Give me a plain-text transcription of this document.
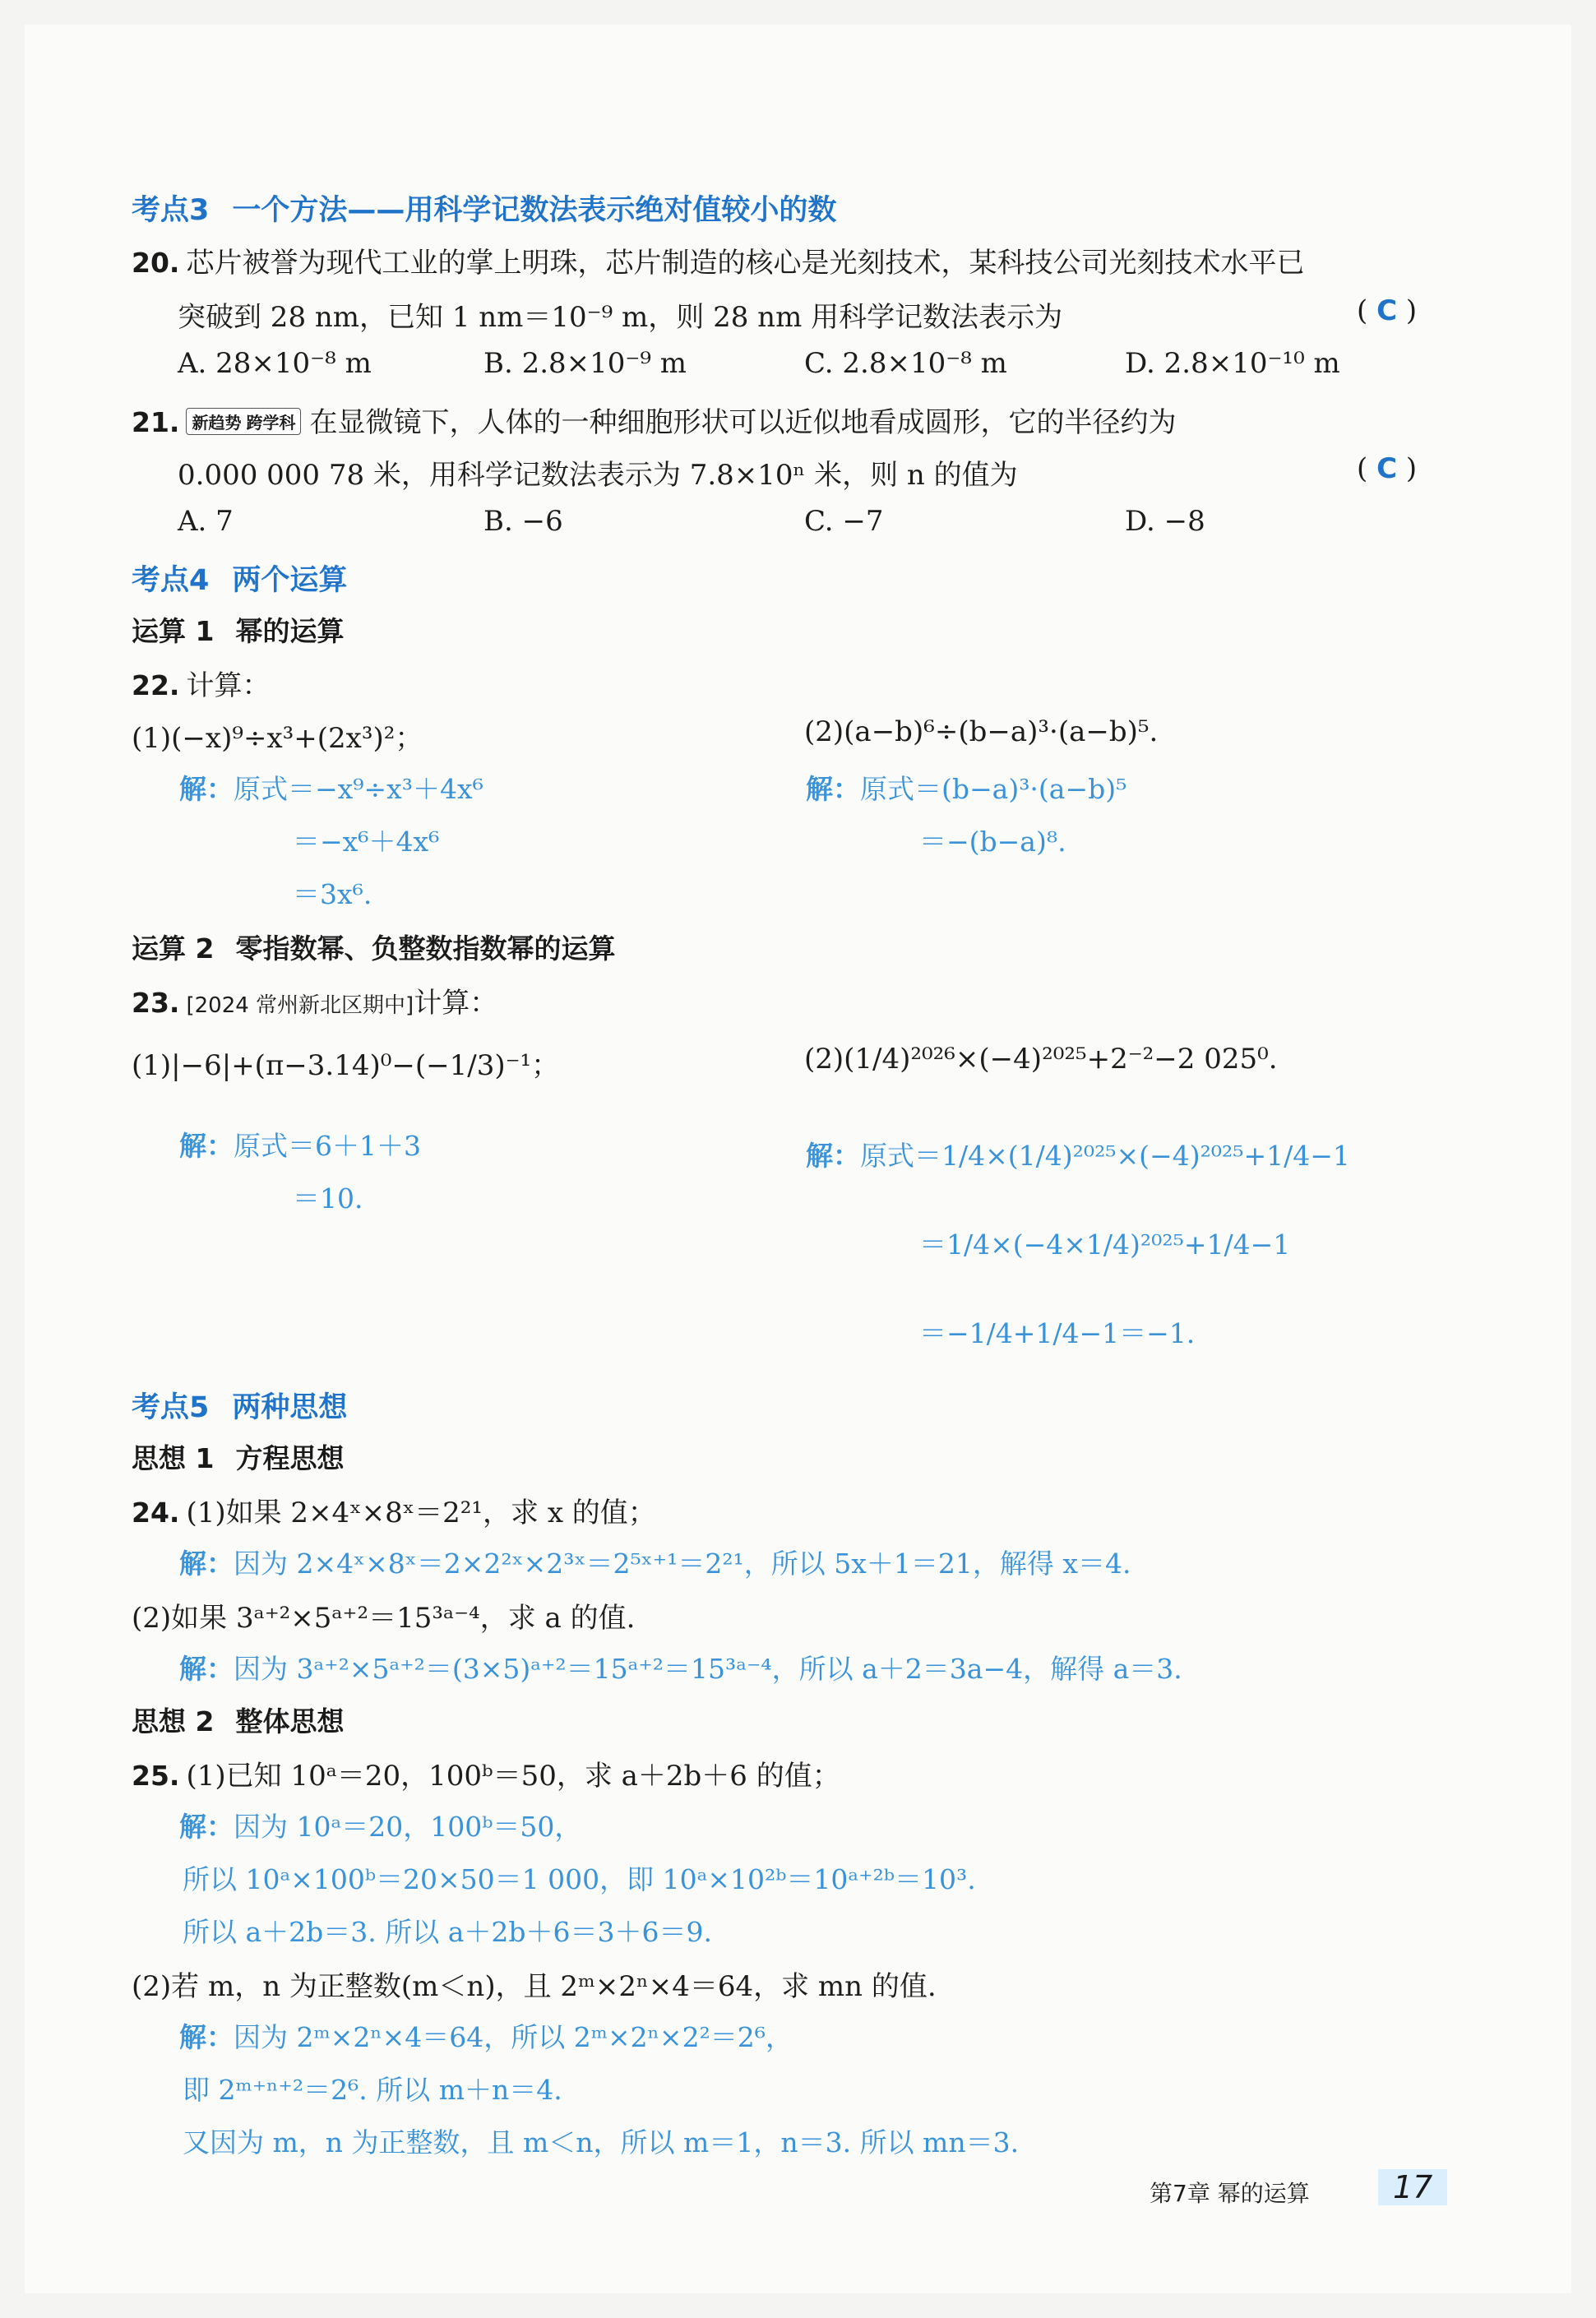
考点3 一个方法——用科学记数法表示绝对值较小的数
20. 芯片被誉为现代工业的掌上明珠，芯片制造的核心是光刻技术，某科技公司光刻技术水平已
突破到 28 nm，已知 1 nm＝10⁻⁹ m，则 28 nm 用科学记数法表示为	( C )
A. 28×10⁻⁸ m	B. 2.8×10⁻⁹ m	C. 2.8×10⁻⁸ m	D. 2.8×10⁻¹⁰ m
21. 新趋势 跨学科 在显微镜下，人体的一种细胞形状可以近似地看成圆形，它的半径约为
0.000 000 78 米，用科学记数法表示为 7.8×10ⁿ 米，则 n 的值为	( C )
A. 7	B. −6	C. −7	D. −8
考点4 两个运算
运算 1 幂的运算
22. 计算：
(1)(−x)⁹÷x³+(2x³)²；	(2)(a−b)⁶÷(b−a)³·(a−b)⁵.
解：原式＝−x⁹÷x³＋4x⁶
＝−x⁶＋4x⁶
＝3x⁶.
解：原式＝(b−a)³·(a−b)⁵
＝−(b−a)⁸.
运算 2 零指数幂、负整数指数幂的运算
23. [2024 常州新北区期中]计算：
(1)|−6|+(π−3.14)⁰−(−1/3)⁻¹；	(2)(1/4)²⁰²⁶×(−4)²⁰²⁵+2⁻²−2 025⁰.
解：原式＝6＋1＋3
＝10.
解：原式＝1/4×(1/4)²⁰²⁵×(−4)²⁰²⁵+1/4−1
＝1/4×(−4×1/4)²⁰²⁵+1/4−1
＝−1/4+1/4−1＝−1.
考点5 两种思想
思想 1 方程思想
24. (1)如果 2×4ˣ×8ˣ＝2²¹，求 x 的值；
解：因为 2×4ˣ×8ˣ＝2×2²ˣ×2³ˣ＝2⁵ˣ⁺¹＝2²¹，所以 5x＋1＝21，解得 x＝4.
(2)如果 3ᵃ⁺²×5ᵃ⁺²＝15³ᵃ⁻⁴，求 a 的值.
解：因为 3ᵃ⁺²×5ᵃ⁺²＝(3×5)ᵃ⁺²＝15ᵃ⁺²＝15³ᵃ⁻⁴，所以 a＋2＝3a−4，解得 a＝3.
思想 2 整体思想
25. (1)已知 10ᵃ＝20，100ᵇ＝50，求 a＋2b＋6 的值；
解：因为 10ᵃ＝20，100ᵇ＝50，
所以 10ᵃ×100ᵇ＝20×50＝1 000，即 10ᵃ×10²ᵇ＝10ᵃ⁺²ᵇ＝10³.
所以 a＋2b＝3. 所以 a＋2b＋6＝3＋6＝9.
(2)若 m，n 为正整数(m＜n)，且 2ᵐ×2ⁿ×4＝64，求 mn 的值.
解：因为 2ᵐ×2ⁿ×4＝64，所以 2ᵐ×2ⁿ×2²＝2⁶，
即 2ᵐ⁺ⁿ⁺²＝2⁶. 所以 m＋n＝4.
又因为 m，n 为正整数，且 m＜n，所以 m＝1，n＝3. 所以 mn＝3.
第7章 幂的运算	17
